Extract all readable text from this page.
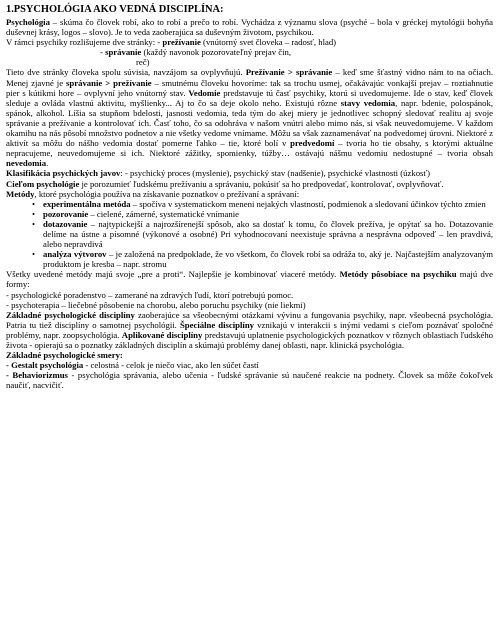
1.PSYCHOLÓGIA AKO VEDNÁ DISCIPLÍNA:

Psychológia – skúma čo človek robí, ako to robí a prečo to robí. Vychádza z významu slova (psyché – bola v gréckej mytológii bohyňa duševnej krásy, logos – slovo). Je to veda zaoberajúca sa duševným životom, psychikou.

V rámci psychiky rozlišujeme dve stránky: - prežívanie (vnútorný svet človeka – radosť, hlad)

- správanie (každý navonok pozorovateľný prejav čin,

reč)

Tieto dve stránky človeka spolu súvisia, navzájom sa ovplyvňujú. Prežívanie > správanie – keď sme šťastný vidno nám to na očiach. Menej zjavné je správanie > prežívanie – smutnému človeku hovoríme: tak sa trochu usmej, očakávajúc vonkajší prejav – roztiahnutie pier s kútikmi hore – ovplyvní jeho vnútorný stav. Vedomie predstavuje tú časť psychiky, ktorú si uvedomujeme. Ide o stav, keď človek sleduje a ovláda vlastnú aktivitu, myšlienky... Aj to čo sa deje okolo neho. Existujú rôzne stavy vedomia, napr. bdenie, polospánok, spánok, alkohol. Líšia sa stupňom bdelosti, jasnosti vedomia, teda tým do akej miery je jednotlivec schopný sledovať realitu aj svoje správanie a prežívanie a kontrolovať ich. Časť toho, čo sa odohráva v našom vnútri alebo mimo nás, si však neuvedomujeme. V každom okamihu na nás pôsobí množstvo podnetov a nie všetky vedome vnímame. Môžu sa však zaznamenávať na podvedomej úrovni. Niektoré z aktivít sa môžu do nášho vedomia dostať pomerne ľahko – tie, ktoré bolí v predvedomí – tvoria ho tie obsahy, s ktorými aktuálne nepracujeme, neuvedomujeme si ich. Niektoré zážitky, spomienky, túžby… ostávajú nášmu vedomiu nedostupné – tvoria obsah nevedomia.

Klasifikácia psychických javov: - psychický proces (myslenie), psychický stav (nadšenie), psychické vlastnosti (úzkosť)

Cieľom psychológie je porozumieť ľudskému prežívaniu a správaniu, pokúsiť sa ho predpovedať, kontrolovať, ovplyvňovať.

Metódy, ktoré psychológia používa na získavanie poznatkov o prežívaní a správaní:

• experimentálna metóda – spočíva v systematickom meneni nejakých vlastností, podmienok a sledovaní účinkov týchto zmien
• pozorovanie – cielené, zámerné, systematické vnímanie
• dotazovanie – najtypickejší a najrozšírenejší spôsob, ako sa dostať k tomu, čo človek prežíva, je opýtať sa ho. Dotazovanie delíme na ústne a písomné (výkonové a osobné) Pri vyhodnocovaní neexistuje správna a nesprávna odpoveď – len pravdivá, alebo nepravdivá
• analýza výtvorov – je založená na predpoklade, že vo všetkom, čo človek robí sa odráža to, aký je. Najčastejším analyzovaným produktom je kresba – napr. stromu

Všetky uvedené metódy majú svoje „pre a proti“. Najlepšie je kombinovať viaceré metódy. Metódy pôsobiace na psychiku majú dve formy:

- psychologické poradenstvo – zamerané na zdravých ľudí, ktorí potrebujú pomoc.

- psychoterapia – liečebné pôsobenie na chorobu, alebo poruchu psychiky (nie liekmi)

Základné psychologické disciplíny zaoberajúce sa všeobecnými otázkami vývinu a fungovania psychiky, napr. všeobecná psychológia. Patria tu tiež disciplíny o samotnej psychológii. Špeciálne disciplíny vznikajú v interakcii s inými vedami s cieľom poznávať spoločné problémy, napr. zoopsychológia. Aplikované disciplíny predstavujú uplatnenie psychologických poznatkov v rôznych oblastiach ľudského života - opierajú sa o poznatky základných disciplín a skúmajú problémy danej oblasti, napr. klinická psychológia.

Základné psychologické smery:

- Gestalt psychológia - celostná - celok je niečo viac, ako len súčet častí

- Behaviorizmus - psychológia správania, alebo učenia - ľudské správanie sú naučené reakcie na podnety. Človek sa môže čokoľvek naučiť, nacvičiť.
